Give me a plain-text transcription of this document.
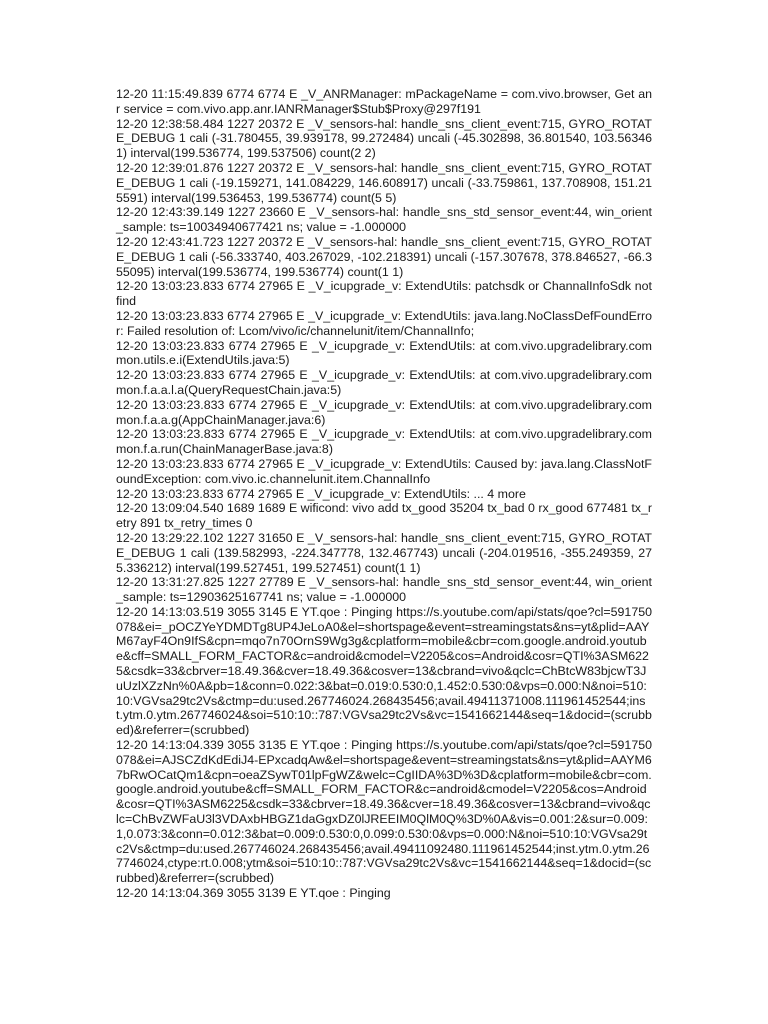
12-20 11:15:49.839 6774 6774 E _V_ANRManager: mPackageName = com.vivo.browser, Get anr service = com.vivo.app.anr.IANRManager$Stub$Proxy@297f191
12-20 12:38:58.484 1227 20372 E _V_sensors-hal: handle_sns_client_event:715, GYRO_ROTATE_DEBUG 1 cali (-31.780455, 39.939178, 99.272484) uncali (-45.302898, 36.801540, 103.563461) interval(199.536774, 199.537506) count(2 2)
12-20 12:39:01.876 1227 20372 E _V_sensors-hal: handle_sns_client_event:715, GYRO_ROTATE_DEBUG 1 cali (-19.159271, 141.084229, 146.608917) uncali (-33.759861, 137.708908, 151.215591) interval(199.536453, 199.536774) count(5 5)
12-20 12:43:39.149 1227 23660 E _V_sensors-hal: handle_sns_std_sensor_event:44, win_orient_sample: ts=10034940677421 ns; value = -1.000000
12-20 12:43:41.723 1227 20372 E _V_sensors-hal: handle_sns_client_event:715, GYRO_ROTATE_DEBUG 1 cali (-56.333740, 403.267029, -102.218391) uncali (-157.307678, 378.846527, -66.355095) interval(199.536774, 199.536774) count(1 1)
12-20 13:03:23.833 6774 27965 E _V_icupgrade_v: ExtendUtils: patchsdk or ChannalInfoSdk not find
12-20 13:03:23.833 6774 27965 E _V_icupgrade_v: ExtendUtils: java.lang.NoClassDefFoundError: Failed resolution of: Lcom/vivo/ic/channelunit/item/ChannalInfo;
12-20 13:03:23.833 6774 27965 E _V_icupgrade_v: ExtendUtils: at com.vivo.upgradelibrary.common.utils.e.i(ExtendUtils.java:5)
12-20 13:03:23.833 6774 27965 E _V_icupgrade_v: ExtendUtils: at com.vivo.upgradelibrary.common.f.a.a.l.a(QueryRequestChain.java:5)
12-20 13:03:23.833 6774 27965 E _V_icupgrade_v: ExtendUtils: at com.vivo.upgradelibrary.common.f.a.a.g(AppChainManager.java:6)
12-20 13:03:23.833 6774 27965 E _V_icupgrade_v: ExtendUtils: at com.vivo.upgradelibrary.common.f.a.run(ChainManagerBase.java:8)
12-20 13:03:23.833 6774 27965 E _V_icupgrade_v: ExtendUtils: Caused by: java.lang.ClassNotFoundException: com.vivo.ic.channelunit.item.ChannalInfo
12-20 13:03:23.833 6774 27965 E _V_icupgrade_v: ExtendUtils: ... 4 more
12-20 13:09:04.540 1689 1689 E wificond: vivo add tx_good 35204 tx_bad 0 rx_good 677481 tx_retry 891 tx_retry_times 0
12-20 13:29:22.102 1227 31650 E _V_sensors-hal: handle_sns_client_event:715, GYRO_ROTATE_DEBUG 1 cali (139.582993, -224.347778, 132.467743) uncali (-204.019516, -355.249359, 275.336212) interval(199.527451, 199.527451) count(1 1)
12-20 13:31:27.825 1227 27789 E _V_sensors-hal: handle_sns_std_sensor_event:44, win_orient_sample: ts=12903625167741 ns; value = -1.000000
12-20 14:13:03.519 3055 3145 E YT.qoe : Pinging https://s.youtube.com/api/stats/qoe?cl=591750078&ei=_pOCZYeYDMDTg8UP4JeLoA0&el=shortspage&event=streamingstats&ns=yt&plid=AAYM67ayF4On9IfS&cpn=mqo7n70OrnS9Wg3g&cplatform=mobile&cbr=com.google.android.youtube&cff=SMALL_FORM_FACTOR&c=android&cmodel=V2205&cos=Android&cosr=QTI%3ASM6225&csdk=33&cbrver=18.49.36&cver=18.49.36&cosver=13&cbrand=vivo&qclc=ChBtcW83bjcwT3JuUzlXZzNn%0A&pb=1&conn=0.022:3&bat=0.019:0.530:0,1.452:0.530:0&vps=0.000:N&noi=510:10:VGVsa29tc2Vs&ctmp=du:used.267746024.268435456;avail.49411371008.111961452544;inst.ytm.0.ytm.267746024&soi=510:10::787:VGVsa29tc2Vs&vc=1541662144&seq=1&docid=(scrubbed)&referrer=(scrubbed)
12-20 14:13:04.339 3055 3135 E YT.qoe : Pinging https://s.youtube.com/api/stats/qoe?cl=591750078&ei=AJSCZdKdEdiJ4-EPxcadqAw&el=shortspage&event=streamingstats&ns=yt&plid=AAYM67bRwOCatQm1&cpn=oeaZSywT01lpFgWZ&welc=CgIIDA%3D%3D&cplatform=mobile&cbr=com.google.android.youtube&cff=SMALL_FORM_FACTOR&c=android&cmodel=V2205&cos=Android&cosr=QTI%3ASM6225&csdk=33&cbrver=18.49.36&cver=18.49.36&cosver=13&cbrand=vivo&qclc=ChBvZWFaU3l3VDAxbHBGZ1daGgxDZ0lJREEIM0QlM0Q%3D%0A&vis=0.001:2&sur=0.009:1,0.073:3&conn=0.012:3&bat=0.009:0.530:0,0.099:0.530:0&vps=0.000:N&noi=510:10:VGVsa29tc2Vs&ctmp=du:used.267746024.268435456;avail.49411092480.111961452544;inst.ytm.0.ytm.267746024,ctype:rt.0.008;ytm&soi=510:10::787:VGVsa29tc2Vs&vc=1541662144&seq=1&docid=(scrubbed)&referrer=(scrubbed)
12-20 14:13:04.369 3055 3139 E YT.qoe : Pinging
